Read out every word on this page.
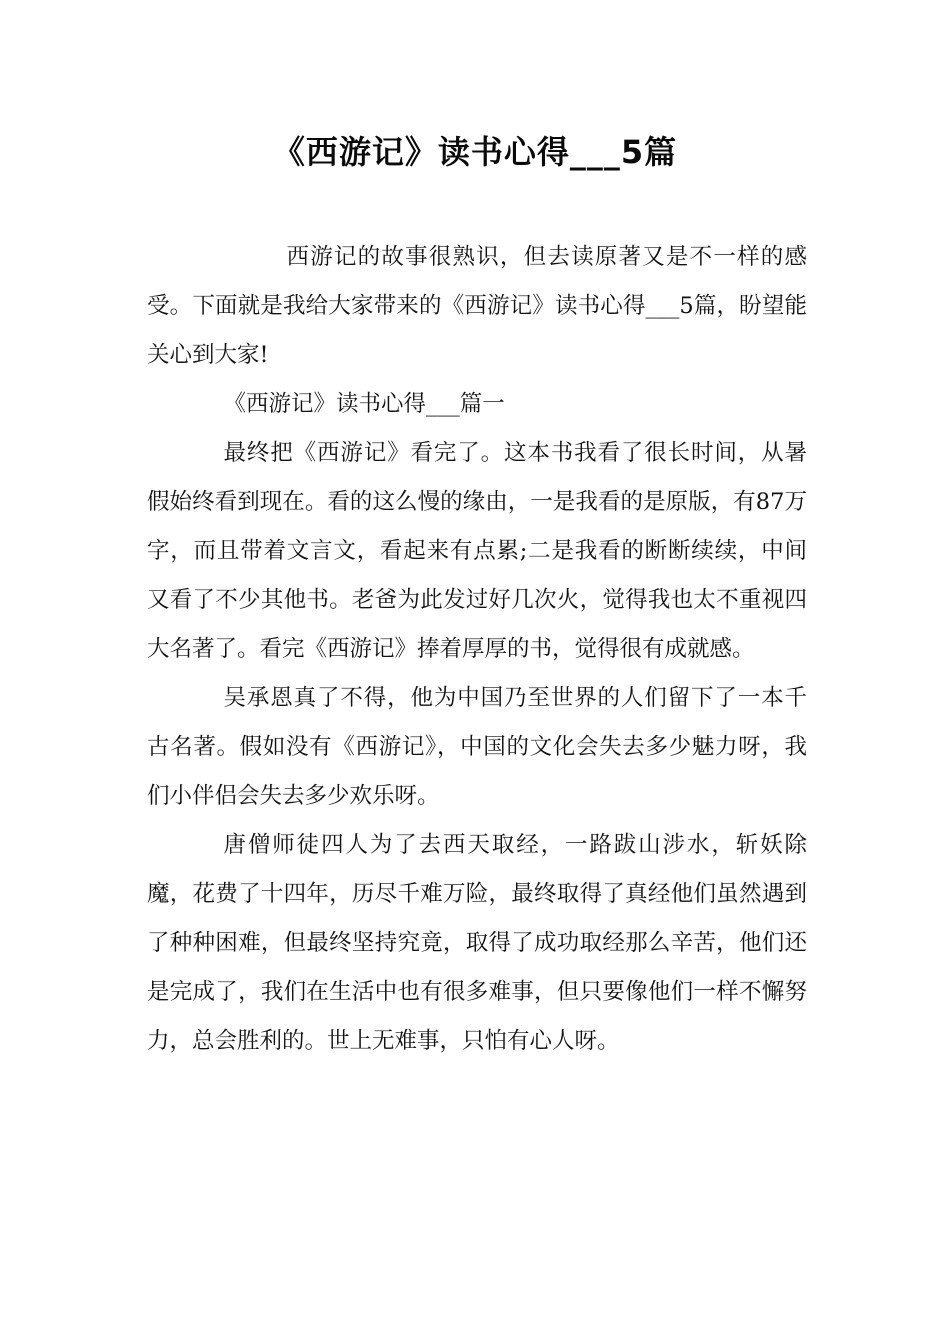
《西游记》读书心得___5篇

西游记的故事很熟识，但去读原著又是不一样的感受。下面就是我给大家带来的《西游记》读书心得___5篇，盼望能关心到大家!

《西游记》读书心得___篇一

最终把《西游记》看完了。这本书我看了很长时间，从暑假始终看到现在。看的这么慢的缘由，一是我看的是原版，有87万字，而且带着文言文，看起来有点累;二是我看的断断续续，中间又看了不少其他书。老爸为此发过好几次火，觉得我也太不重视四大名著了。看完《西游记》捧着厚厚的书，觉得很有成就感。

吴承恩真了不得，他为中国乃至世界的人们留下了一本千古名著。假如没有《西游记》，中国的文化会失去多少魅力呀，我们小伴侣会失去多少欢乐呀。

唐僧师徒四人为了去西天取经，一路跋山涉水，斩妖除魔，花费了十四年，历尽千难万险，最终取得了真经他们虽然遇到了种种困难，但最终坚持究竟，取得了成功取经那么辛苦，他们还是完成了，我们在生活中也有很多难事，但只要像他们一样不懈努力，总会胜利的。世上无难事，只怕有心人呀。
